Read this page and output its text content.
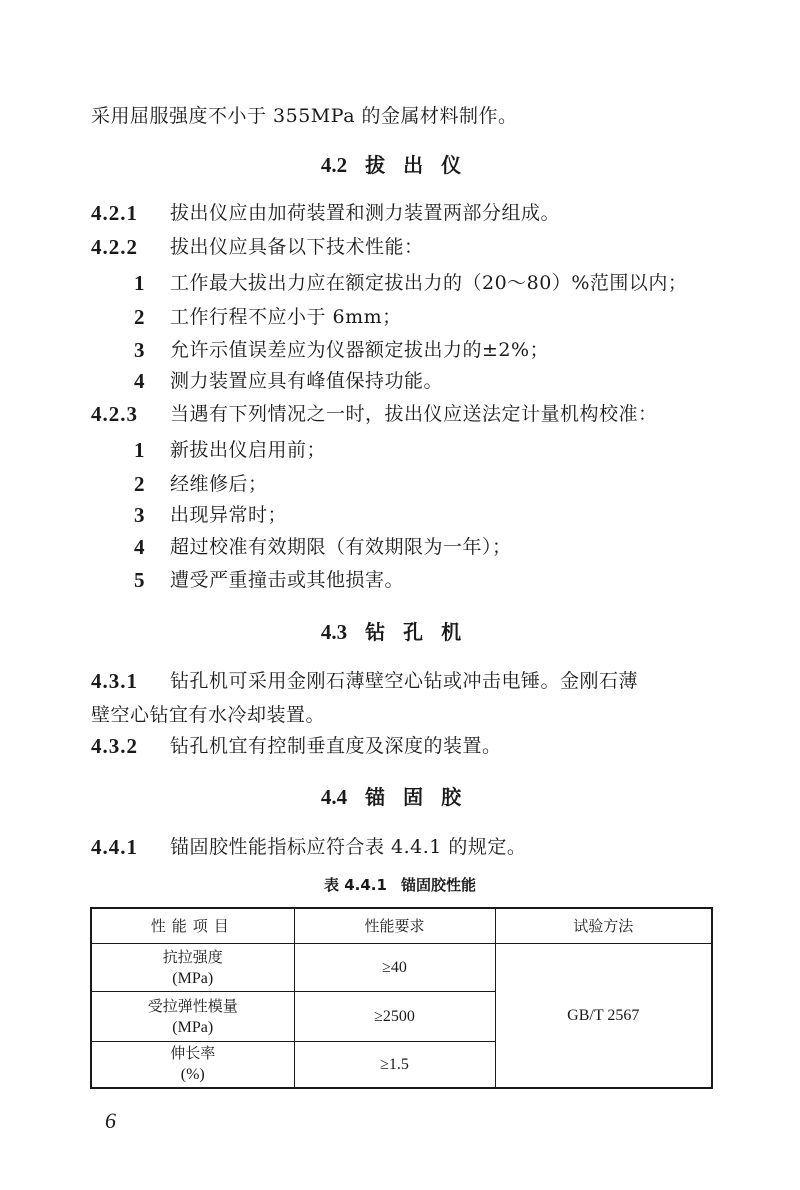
采用屈服强度不小于 355MPa 的金属材料制作。
4.2 拔出仪
4.2.1 拔出仪应由加荷装置和测力装置两部分组成。
4.2.2 拔出仪应具备以下技术性能：
1 工作最大拔出力应在额定拔出力的（20～80）%范围以内；
2 工作行程不应小于 6mm；
3 允许示值误差应为仪器额定拔出力的±2%；
4 测力装置应具有峰值保持功能。
4.2.3 当遇有下列情况之一时，拔出仪应送法定计量机构校准：
1 新拔出仪启用前；
2 经维修后；
3 出现异常时；
4 超过校准有效期限（有效期限为一年）；
5 遭受严重撞击或其他损害。
4.3 钻孔机
4.3.1 钻孔机可采用金刚石薄壁空心钻或冲击电锤。金刚石薄
壁空心钻宜有水冷却装置。
4.3.2 钻孔机宜有控制垂直度及深度的装置。
4.4 锚固胶
4.4.1 锚固胶性能指标应符合表 4.4.1 的规定。
表 4.4.1 锚固胶性能
性能项目	性能要求	试验方法

抗拉强度
(MPa)	≥40	GB/T 2567

受拉弹性模量
(MPa)	≥2500	

伸长率
(%)	≥1.5	
6
